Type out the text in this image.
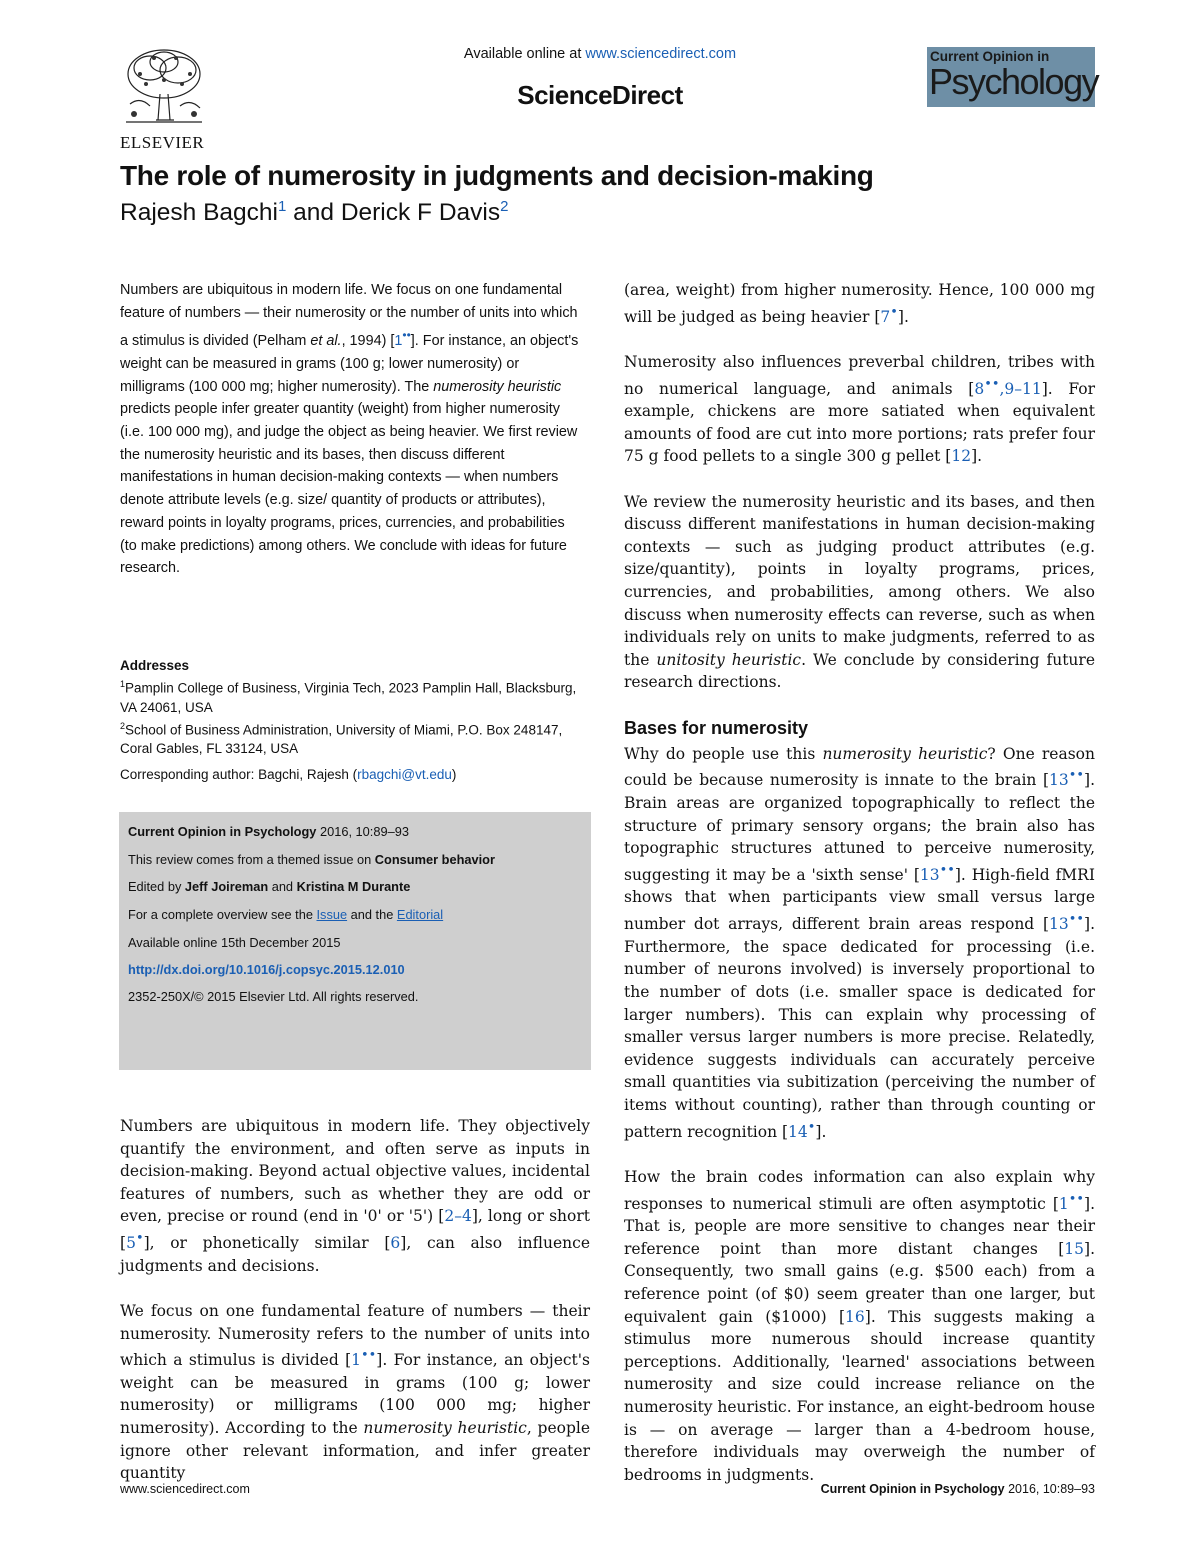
ELSEVIER
Available online at www.sciencedirect.com
ScienceDirect
Current Opinion in
Psychology
The role of numerosity in judgments and decision-making
Rajesh Bagchi$^1$ and Derick F Davis$^2$
Numbers are ubiquitous in modern life. We focus on one fundamental feature of numbers — their numerosity or the number of units into which a stimulus is divided (Pelham et al., 1994) [1••]. For instance, an object's weight can be measured in grams (100 g; lower numerosity) or milligrams (100 000 mg; higher numerosity). The numerosity heuristic predicts people infer greater quantity (weight) from higher numerosity (i.e. 100 000 mg), and judge the object as being heavier. We first review the numerosity heuristic and its bases, then discuss different manifestations in human decision-making contexts — when numbers denote attribute levels (e.g. size/ quantity of products or attributes), reward points in loyalty programs, prices, currencies, and probabilities (to make predictions) among others. We conclude with ideas for future research.

Addresses

$^1$Pamplin College of Business, Virginia Tech, 2023 Pamplin Hall, Blacksburg, VA 24061, USA

$^2$School of Business Administration, University of Miami, P.O. Box 248147, Coral Gables, FL 33124, USA

Corresponding author: Bagchi, Rajesh (rbagchi@vt.edu)
Current Opinion in Psychology 2016, 10:89–93
This review comes from a themed issue on Consumer behavior
Edited by Jeff Joireman and Kristina M Durante
For a complete overview see the Issue and the Editorial
Available online 15th December 2015
http://dx.doi.org/10.1016/j.copsyc.2015.12.010
2352-250X/© 2015 Elsevier Ltd. All rights reserved.

Numbers are ubiquitous in modern life. They objectively quantify the environment, and often serve as inputs in decision-making. Beyond actual objective values, incidental features of numbers, such as whether they are odd or even, precise or round (end in '0' or '5') [2–4], long or short [5•], or phonetically similar [6], can also influence judgments and decisions.

We focus on one fundamental feature of numbers — their numerosity. Numerosity refers to the number of units into which a stimulus is divided [1••]. For instance, an object's weight can be measured in grams (100 g; lower numerosity) or milligrams (100 000 mg; higher numerosity). According to the numerosity heuristic, people ignore other relevant information, and infer greater quantity

(area, weight) from higher numerosity. Hence, 100 000 mg will be judged as being heavier [7•].

Numerosity also influences preverbal children, tribes with no numerical language, and animals [8••,9–11]. For example, chickens are more satiated when equivalent amounts of food are cut into more portions; rats prefer four 75 g food pellets to a single 300 g pellet [12].

We review the numerosity heuristic and its bases, and then discuss different manifestations in human decision-making contexts — such as judging product attributes (e.g. size/quantity), points in loyalty programs, prices, currencies, and probabilities, among others. We also discuss when numerosity effects can reverse, such as when individuals rely on units to make judgments, referred to as the unitosity heuristic. We conclude by considering future research directions.

Bases for numerosity

Why do people use this numerosity heuristic? One reason could be because numerosity is innate to the brain [13••]. Brain areas are organized topographically to reflect the structure of primary sensory organs; the brain also has topographic structures attuned to perceive numerosity, suggesting it may be a 'sixth sense' [13••]. High-field fMRI shows that when participants view small versus large number dot arrays, different brain areas respond [13••]. Furthermore, the space dedicated for processing (i.e. number of neurons involved) is inversely proportional to the number of dots (i.e. smaller space is dedicated for larger numbers). This can explain why processing of smaller versus larger numbers is more precise. Relatedly, evidence suggests individuals can accurately perceive small quantities via subitization (perceiving the number of items without counting), rather than through counting or pattern recognition [14•].

How the brain codes information can also explain why responses to numerical stimuli are often asymptotic [1••]. That is, people are more sensitive to changes near their reference point than more distant changes [15]. Consequently, two small gains (e.g. $500 each) from a reference point (of $0) seem greater than one larger, but equivalent gain ($1000) [16]. This suggests making a stimulus more numerous should increase quantity perceptions. Additionally, 'learned' associations between numerosity and size could increase reliance on the numerosity heuristic. For instance, an eight-bedroom house is — on average — larger than a 4-bedroom house, therefore individuals may overweigh the number of bedrooms in judgments.

www.sciencedirect.com	Current Opinion in Psychology 2016, 10:89–93
